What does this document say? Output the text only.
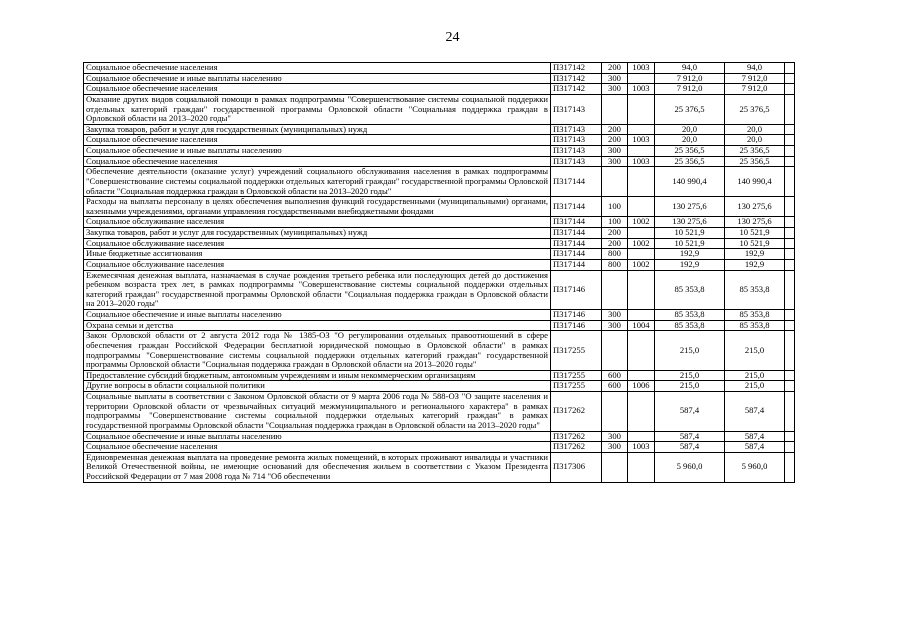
24
Социальное обеспечение населения	П317142	200	1003	94,0	94,0	
Социальное обеспечение и иные выплаты населению	П317142	300		7 912,0	7 912,0	
Социальное обеспечение населения	П317142	300	1003	7 912,0	7 912,0	
Оказание других видов социальной помощи в рамках подпрограммы "Совершенствование системы социальной поддержки отдельных категорий граждан" государственной программы Орловской области "Социальная поддержка граждан в Орловской области на 2013–2020 годы"	П317143			25 376,5	25 376,5	
Закупка товаров, работ и услуг для государственных (муниципальных) нужд	П317143	200		20,0	20,0	
Социальное обеспечение населения	П317143	200	1003	20,0	20,0	
Социальное обеспечение и иные выплаты населению	П317143	300		25 356,5	25 356,5	
Социальное обеспечение населения	П317143	300	1003	25 356,5	25 356,5	
Обеспечение деятельности (оказание услуг) учреждений социального обслуживания населения в рамках подпрограммы "Совершенствование системы социальной поддержки отдельных категорий граждан" государственной программы Орловской области "Социальная поддержка граждан в Орловской области на 2013–2020 годы"	П317144			140 990,4	140 990,4	
Расходы на выплаты персоналу в целях обеспечения выполнения функций государственными (муниципальными) органами, казенными учреждениями, органами управления государственными внебюджетными фондами	П317144	100		130 275,6	130 275,6	
Социальное обслуживание населения	П317144	100	1002	130 275,6	130 275,6	
Закупка товаров, работ и услуг для государственных (муниципальных) нужд	П317144	200		10 521,9	10 521,9	
Социальное обслуживание населения	П317144	200	1002	10 521,9	10 521,9	
Иные бюджетные ассигнования	П317144	800		192,9	192,9	
Социальное обслуживание населения	П317144	800	1002	192,9	192,9	
Ежемесячная денежная выплата, назначаемая в случае рождения третьего ребенка или последующих детей до достижения ребенком возраста трех лет, в рамках подпрограммы "Совершенствование системы социальной поддержки отдельных категорий граждан" государственной программы Орловской области "Социальная поддержка граждан в Орловской области на 2013–2020 годы"	П317146			85 353,8	85 353,8	
Социальное обеспечение и иные выплаты населению	П317146	300		85 353,8	85 353,8	
Охрана семьи и детства	П317146	300	1004	85 353,8	85 353,8	
Закон Орловской области от 2 августа 2012 года № 1385-ОЗ "О регулировании отдельных правоотношений в сфере обеспечения граждан Российской Федерации бесплатной юридической помощью в Орловской области" в рамках подпрограммы "Совершенствование системы социальной поддержки отдельных категорий граждан" государственной программы Орловской области "Социальная поддержка граждан в Орловской области на 2013–2020 годы"	П317255			215,0	215,0	
Предоставление субсидий бюджетным, автономным учреждениям и иным некоммерческим организациям	П317255	600		215,0	215,0	
Другие вопросы в области социальной политики	П317255	600	1006	215,0	215,0	
Социальные выплаты в соответствии с Законом Орловской области от 9 марта 2006 года № 588-ОЗ "О защите населения и территории Орловской области от чрезвычайных ситуаций межмуниципального и регионального характера" в рамках подпрограммы "Совершенствование системы социальной поддержки отдельных категорий граждан" в рамках государственной программы Орловской области "Социальная поддержка граждан в Орловской области на 2013–2020 годы"	П317262			587,4	587,4	
Социальное обеспечение и иные выплаты населению	П317262	300		587,4	587,4	
Социальное обеспечение населения	П317262	300	1003	587,4	587,4	
Единовременная денежная выплата на проведение ремонта жилых помещений, в которых проживают инвалиды и участники Великой Отечественной войны, не имеющие оснований для обеспечения жильем в соответствии с Указом Президента Российской Федерации от 7 мая 2008 года № 714 "Об обеспечении	П317306			5 960,0	5 960,0	
